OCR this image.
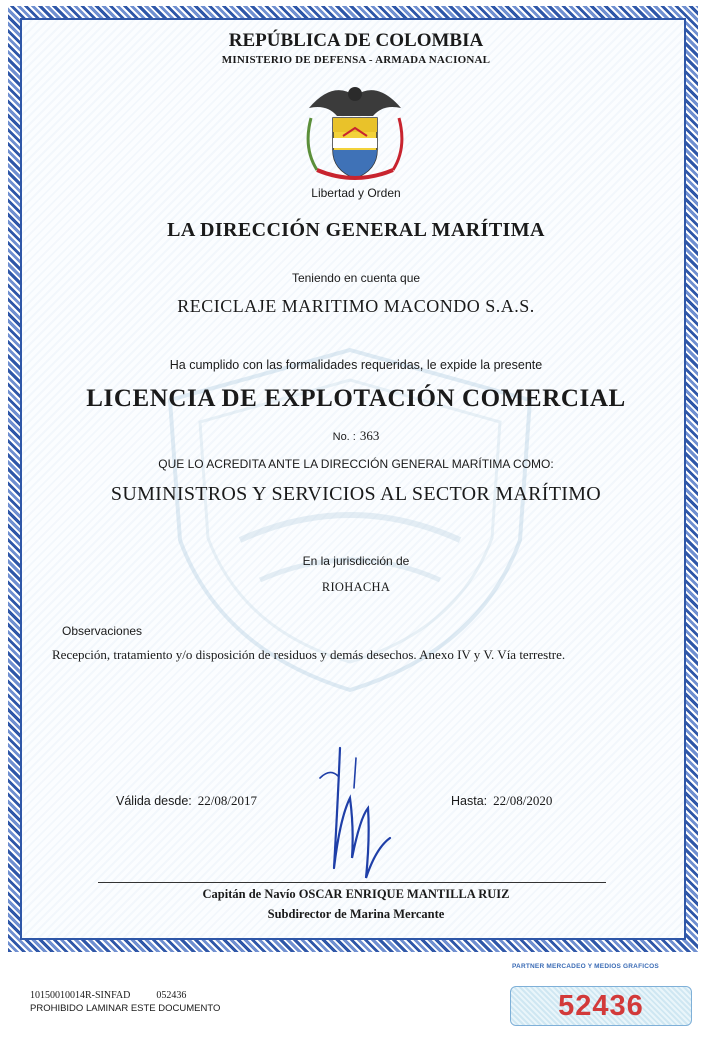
REPÚBLICA DE COLOMBIA
MINISTERIO DE DEFENSA - ARMADA NACIONAL
Libertad y Orden
LA DIRECCIÓN GENERAL MARÍTIMA
Teniendo en cuenta que
RECICLAJE MARITIMO MACONDO S.A.S.
Ha cumplido con las formalidades requeridas, le expide la presente
LICENCIA DE EXPLOTACIÓN COMERCIAL
No. : 363
QUE LO ACREDITA ANTE LA DIRECCIÓN GENERAL MARÍTIMA COMO:
SUMINISTROS Y SERVICIOS AL SECTOR MARÍTIMO
En la jurisdicción de
RIOHACHA
Observaciones
Recepción, tratamiento y/o disposición de residuos y demás desechos. Anexo IV y V. Vía terrestre.
Válida desde: 22/08/2017	Hasta: 22/08/2020
Capitán de Navío OSCAR ENRIQUE MANTILLA RUIZ
Subdirector de Marina Mercante
PARTNER MERCADEO Y MEDIOS GRAFICOS
10150010014R-SINFAD	052436
PROHIBIDO LAMINAR ESTE DOCUMENTO	52436
